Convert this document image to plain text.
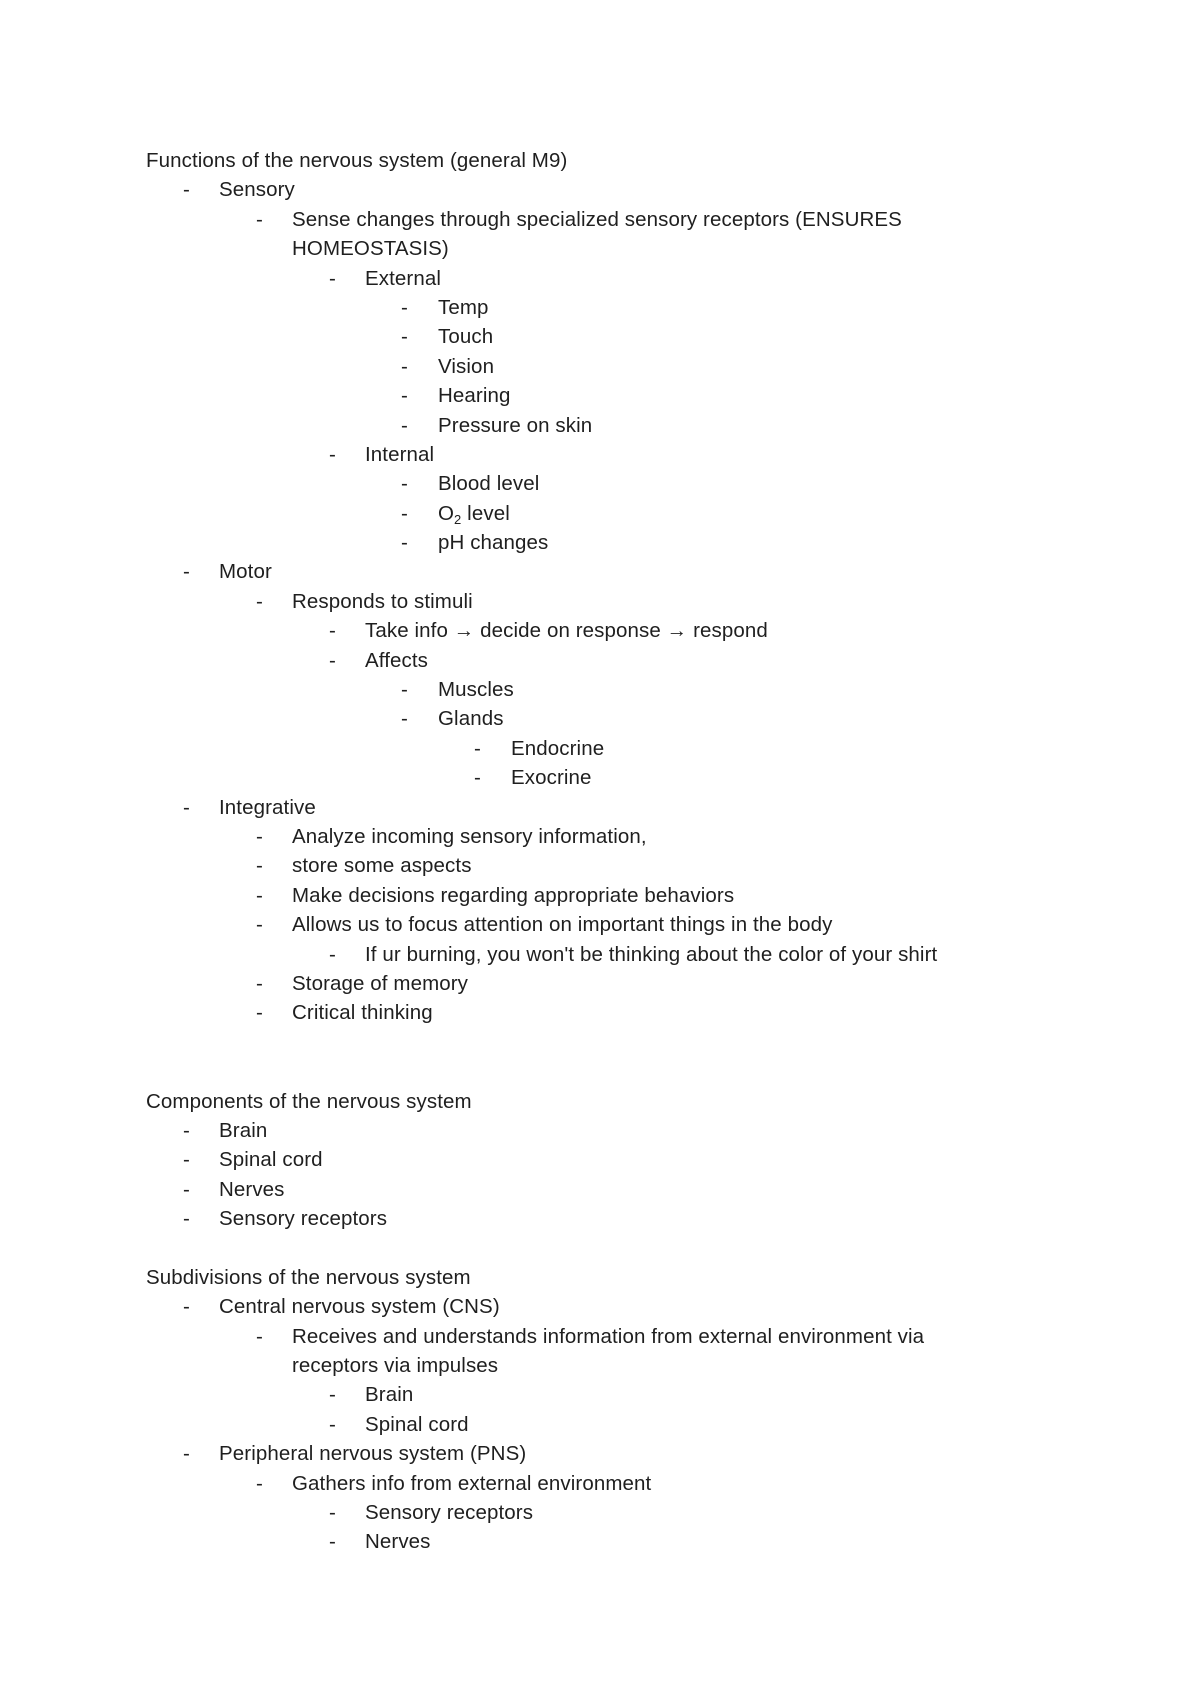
Functions of the nervous system (general M9)
-	Sensory
-	Sense changes through specialized sensory receptors (ENSURES
HOMEOSTASIS)
-	External
-	Temp
-	Touch
-	Vision
-	Hearing
-	Pressure on skin
-	Internal
-	Blood level
-	$O_2$ level
-	pH changes
-	Motor
-	Responds to stimuli
-	Take info → decide on response → respond
-	Affects
-	Muscles
-	Glands
-	Endocrine
-	Exocrine
-	Integrative
-	Analyze incoming sensory information,
-	store some aspects
-	Make decisions regarding appropriate behaviors
-	Allows us to focus attention on important things in the body
-	If ur burning, you won't be thinking about the color of your shirt
-	Storage of memory
-	Critical thinking
Components of the nervous system
-	Brain
-	Spinal cord
-	Nerves
-	Sensory receptors
Subdivisions of the nervous system
-	Central nervous system (CNS)
-	Receives and understands information from external environment via
receptors via impulses
-	Brain
-	Spinal cord
-	Peripheral nervous system (PNS)
-	Gathers info from external environment
-	Sensory receptors
-	Nerves
